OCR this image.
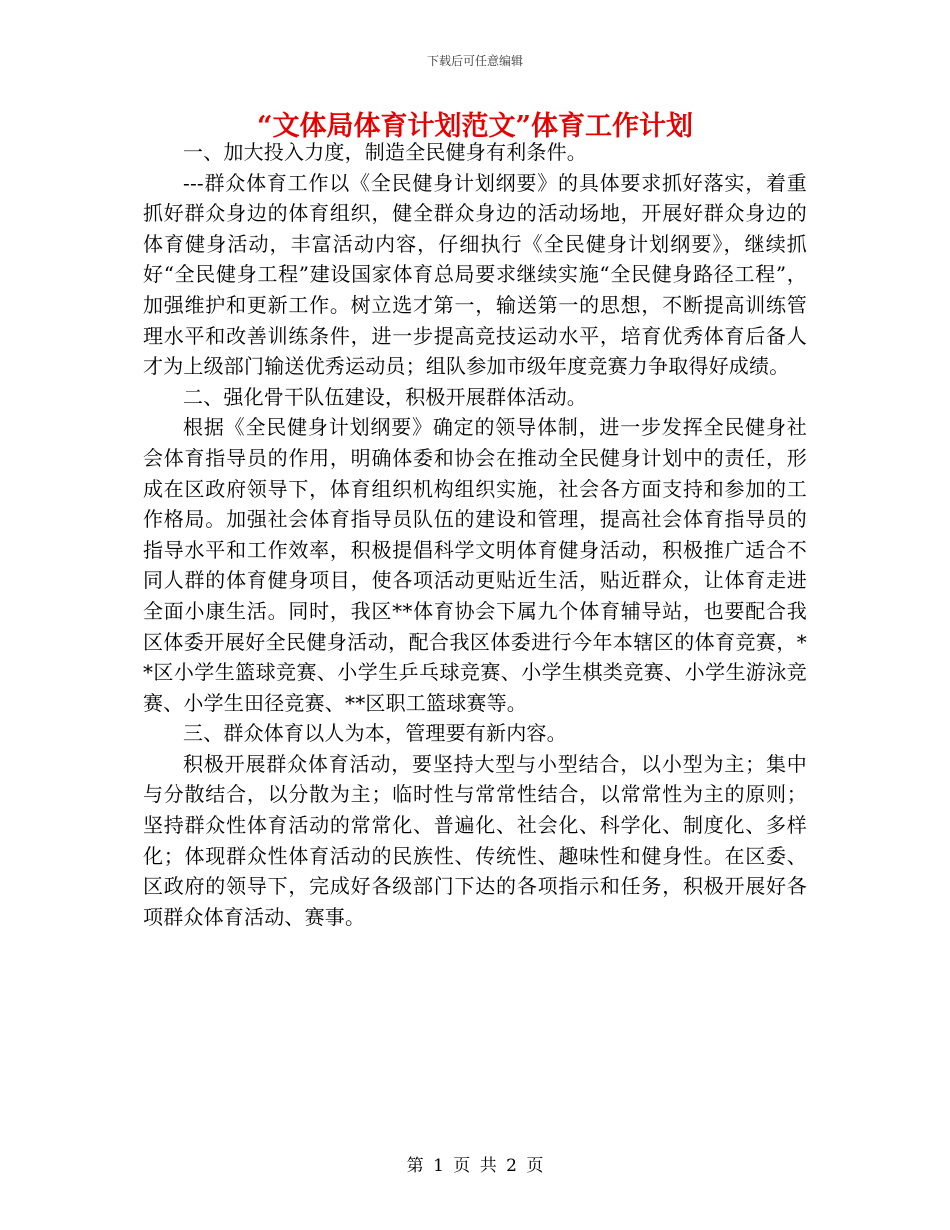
下载后可任意编辑
“文体局体育计划范文”体育工作计划

一、加大投入力度，制造全民健身有利条件。

---群众体育工作以《全民健身计划纲要》的具体要求抓好落实，着重抓好群众身边的体育组织，健全群众身边的活动场地，开展好群众身边的体育健身活动，丰富活动内容，仔细执行《全民健身计划纲要》，继续抓好“全民健身工程”建设国家体育总局要求继续实施“全民健身路径工程”，加强维护和更新工作。树立选才第一，输送第一的思想，不断提高训练管理水平和改善训练条件，进一步提高竞技运动水平，培育优秀体育后备人才为上级部门输送优秀运动员；组队参加市级年度竞赛力争取得好成绩。

二、强化骨干队伍建设，积极开展群体活动。

根据《全民健身计划纲要》确定的领导体制，进一步发挥全民健身社会体育指导员的作用，明确体委和协会在推动全民健身计划中的责任，形成在区政府领导下，体育组织机构组织实施，社会各方面支持和参加的工作格局。加强社会体育指导员队伍的建设和管理，提高社会体育指导员的指导水平和工作效率，积极提倡科学文明体育健身活动，积极推广适合不同人群的体育健身项目，使各项活动更贴近生活，贴近群众，让体育走进全面小康生活。同时，我区**体育协会下属九个体育辅导站，也要配合我区体委开展好全民健身活动，配合我区体委进行今年本辖区的体育竞赛，**区小学生篮球竞赛、小学生乒乓球竞赛、小学生棋类竞赛、小学生游泳竞赛、小学生田径竞赛、**区职工篮球赛等。

三、群众体育以人为本，管理要有新内容。

积极开展群众体育活动，要坚持大型与小型结合，以小型为主；集中与分散结合，以分散为主；临时性与常常性结合，以常常性为主的原则；坚持群众性体育活动的常常化、普遍化、社会化、科学化、制度化、多样化；体现群众性体育活动的民族性、传统性、趣味性和健身性。在区委、区政府的领导下，完成好各级部门下达的各项指示和任务，积极开展好各项群众体育活动、赛事。

第 1 页 共 2 页
